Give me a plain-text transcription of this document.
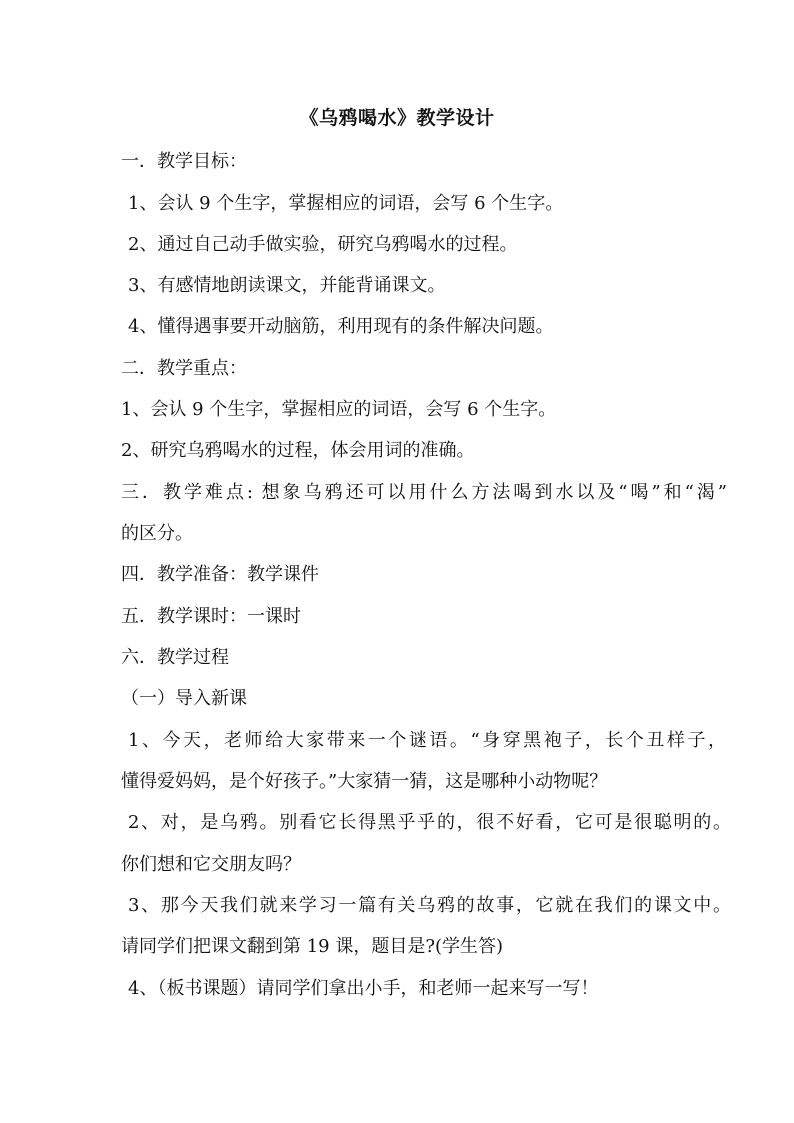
《乌鸦喝水》教学设计
一．教学目标：
1、会认 9 个生字，掌握相应的词语，会写 6 个生字。
2、通过自己动手做实验，研究乌鸦喝水的过程。
3、有感情地朗读课文，并能背诵课文。
4、懂得遇事要开动脑筋，利用现有的条件解决问题。
二．教学重点：
1、会认 9 个生字，掌握相应的词语，会写 6 个生字。
2、研究乌鸦喝水的过程，体会用词的准确。
三．教学难点: 想象乌鸦还可以用什么方法喝到水以及“喝”和“渴”
的区分。
四．教学准备：教学课件
五．教学课时：一课时
六．教学过程
（一）导入新课
1、今天，老师给大家带来一个谜语。“身穿黑袍子，长个丑样子，
懂得爱妈妈，是个好孩子。”大家猜一猜，这是哪种小动物呢？
2、对，是乌鸦。别看它长得黑乎乎的，很不好看，它可是很聪明的。
你们想和它交朋友吗？
3、那今天我们就来学习一篇有关乌鸦的故事，它就在我们的课文中。
请同学们把课文翻到第 19 课，题目是?(学生答)
4、（板书课题）请同学们拿出小手，和老师一起来写一写！
